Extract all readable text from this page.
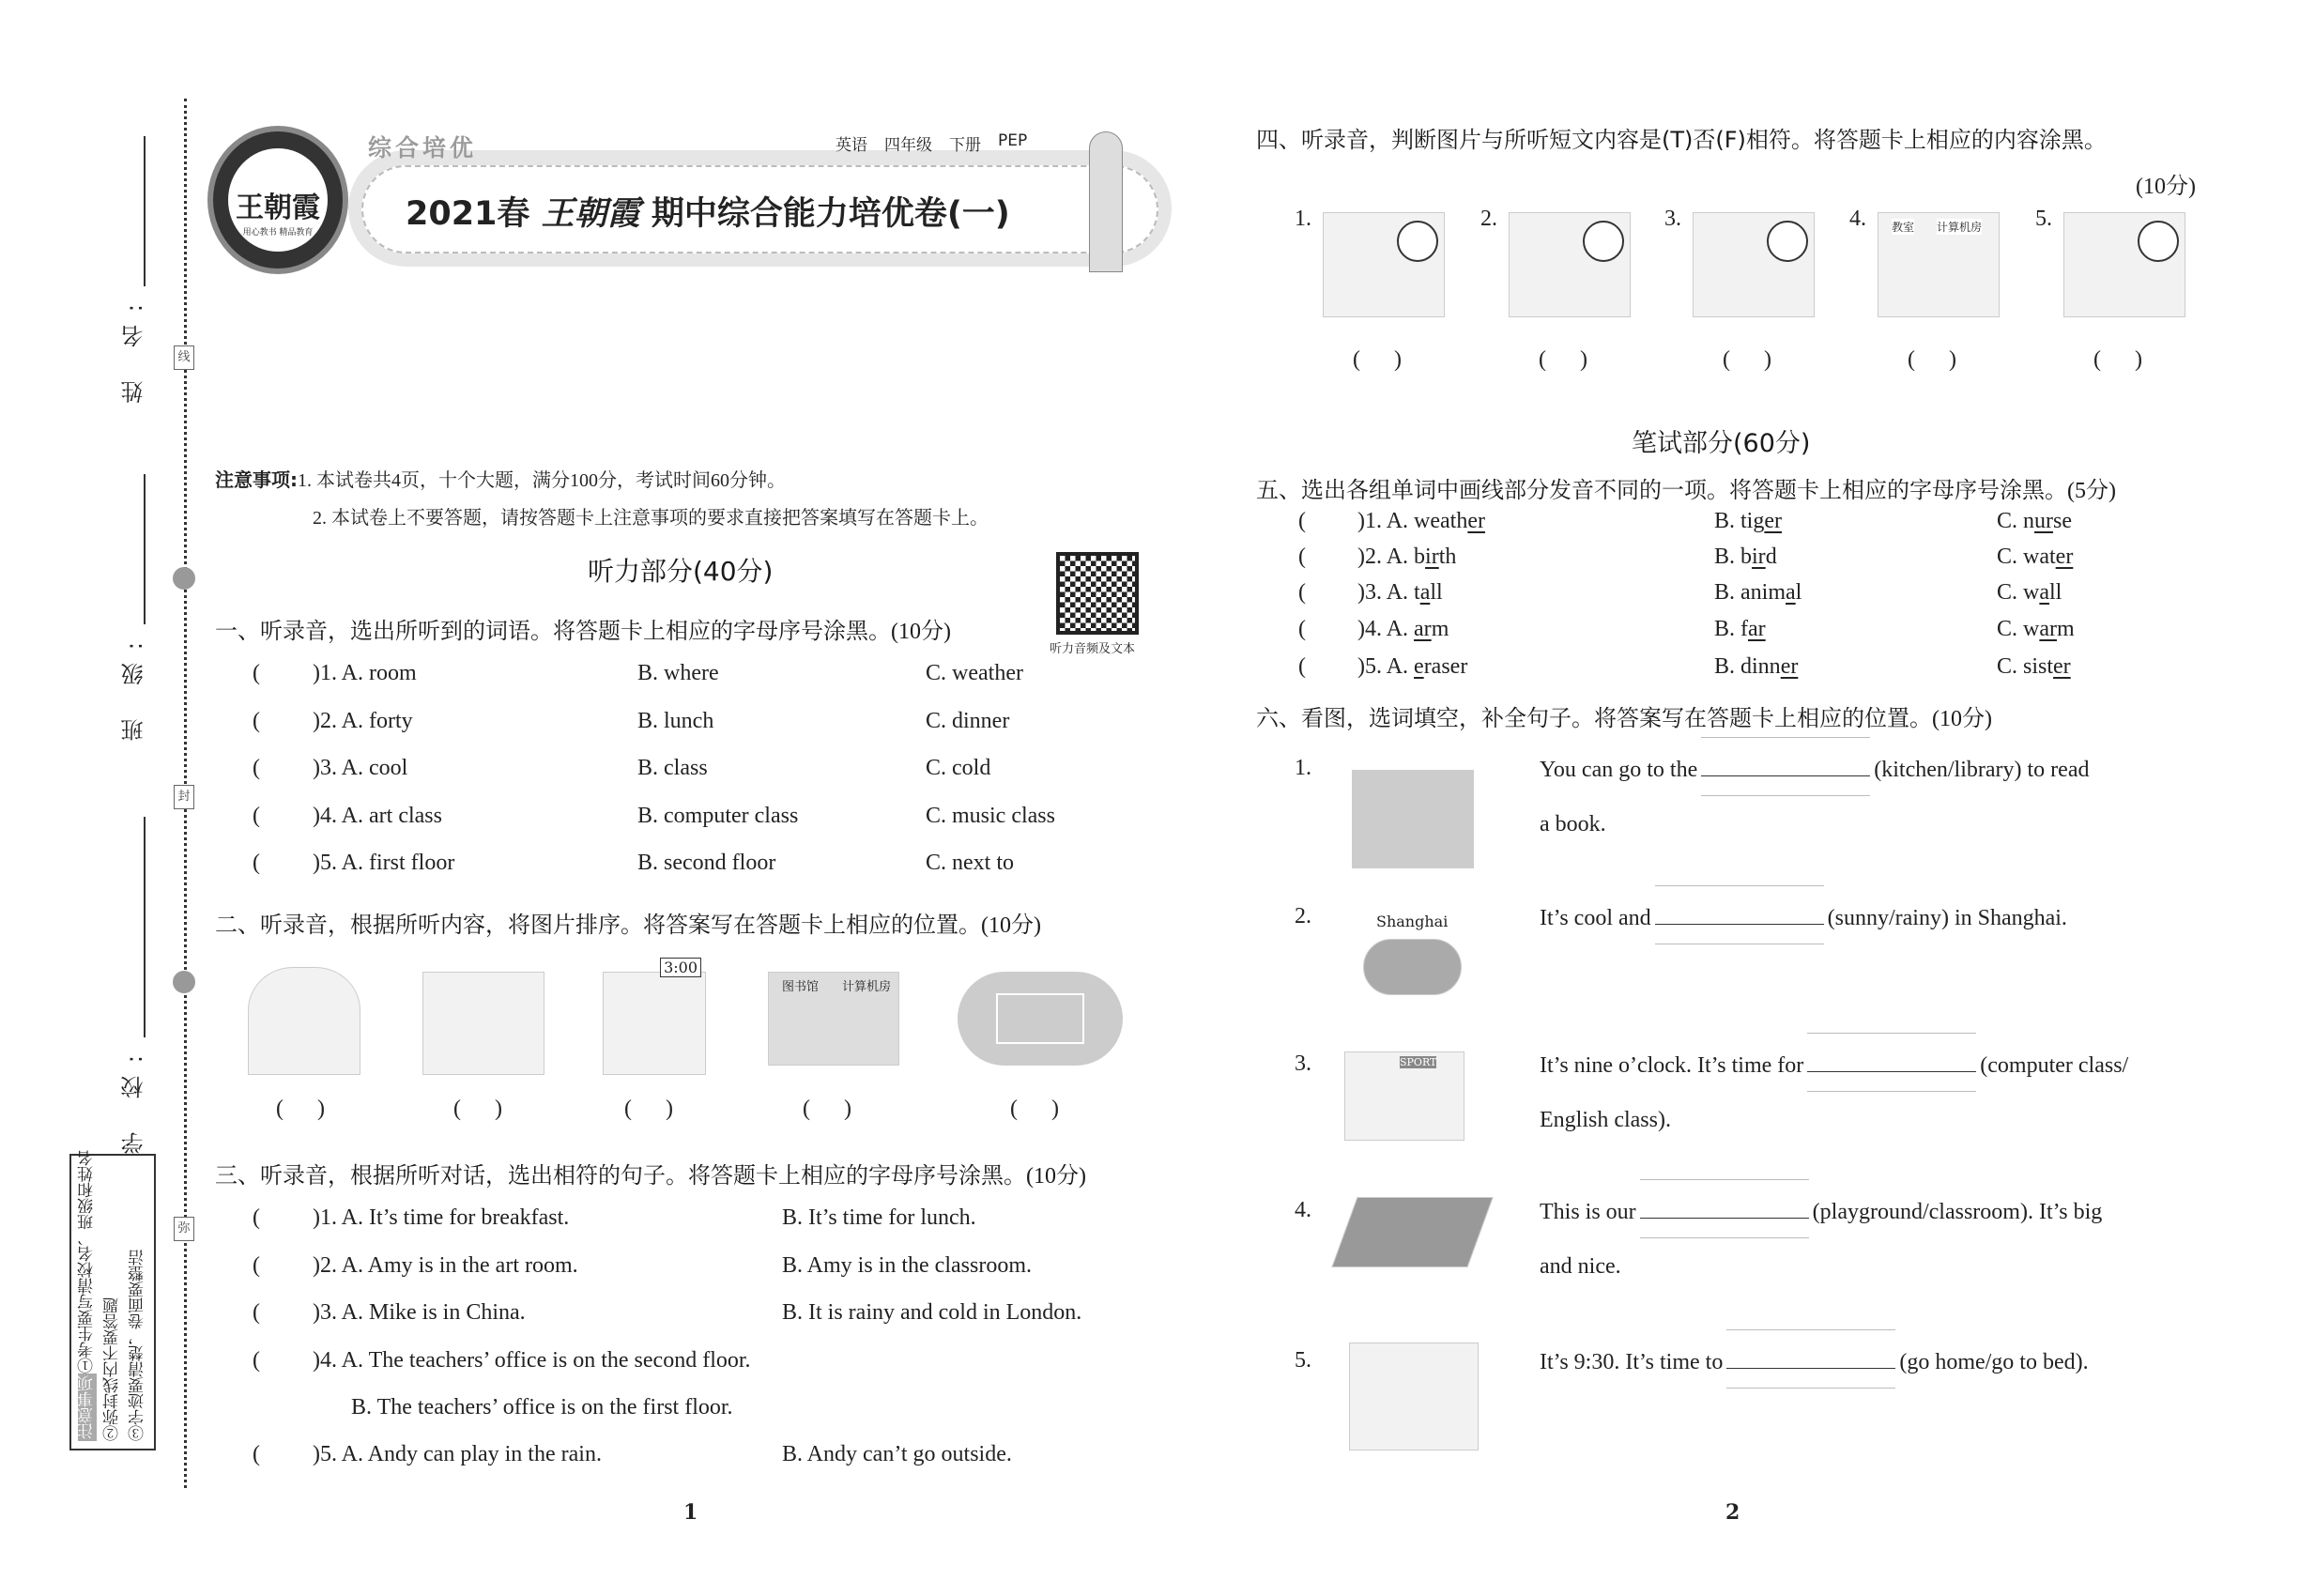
线
封
弥
姓 名:
班 级:
学 校:
注意事项①考生要写清校名、班级和姓名 ②弥封线内不要答题 ③字迹要清楚，卷面要整洁
王朝霞
用心教书 精品教育
综合培优	英语 四年级 下册 PEP
2021春 王朝霞 期中综合能力培优卷(一)

注意事项:1. 本试卷共4页，十个大题，满分100分，考试时间60分钟。
2. 本试卷上不要答题，请按答题卡上注意事项的要求直接把答案填写在答题卡上。
听力部分(40分)
听力音频及文本
一、听录音，选出所听到的词语。将答题卡上相应的字母序号涂黑。(10分)
( )1. A. room	B. where	C. weather
( )2. A. forty	B. lunch	C. dinner
( )3. A. cool	B. class	C. cold
( )4. A. art class	B. computer class	C. music class
( )5. A. first floor	B. second floor	C. next to
二、听录音，根据所听内容，将图片排序。将答案写在答题卡上相应的位置。(10分)
3:00
图书馆 计算机房
( )	( )	( )	( )	( )
三、听录音，根据所听对话，选出相符的句子。将答题卡上相应的字母序号涂黑。(10分)
( )1. A. It’s time for breakfast.	B. It’s time for lunch.
( )2. A. Amy is in the art room.	B. Amy is in the classroom.
( )3. A. Mike is in China.	B. It is rainy and cold in London.
( )4. A. The teachers’ office is on the second floor.
B. The teachers’ office is on the first floor.
( )5. A. Andy can play in the rain.	B. Andy can’t go outside.
1
四、听录音，判断图片与所听短文内容是(T)否(F)相符。将答题卡上相应的内容涂黑。
(10分)
1.
( )
2.
( )
3.
( )
4. 教室 计算机房
( )
5.
( )
笔试部分(60分)
五、选出各组单词中画线部分发音不同的一项。将答题卡上相应的字母序号涂黑。(5分)
( )1. A. weather	B. tiger	C. nurse
( )2. A. birth	B. bird	C. water
( )3. A. tall	B. animal	C. wall
( )4. A. arm	B. far	C. warm
( )5. A. eraser	B. dinner	C. sister
六、看图，选词填空，补全句子。将答案写在答题卡上相应的位置。(10分)
Shanghai
SPORT
1.	You can go to the	(kitchen/library) to read
a book.
2.	It’s cool and	(sunny/rainy) in Shanghai.
3.	It’s nine o’clock. It’s time for	(computer class/
English class).
4.	This is our	(playground/classroom). It’s big
and nice.
5.	It’s 9:30. It’s time to	(go home/go to bed).
2
